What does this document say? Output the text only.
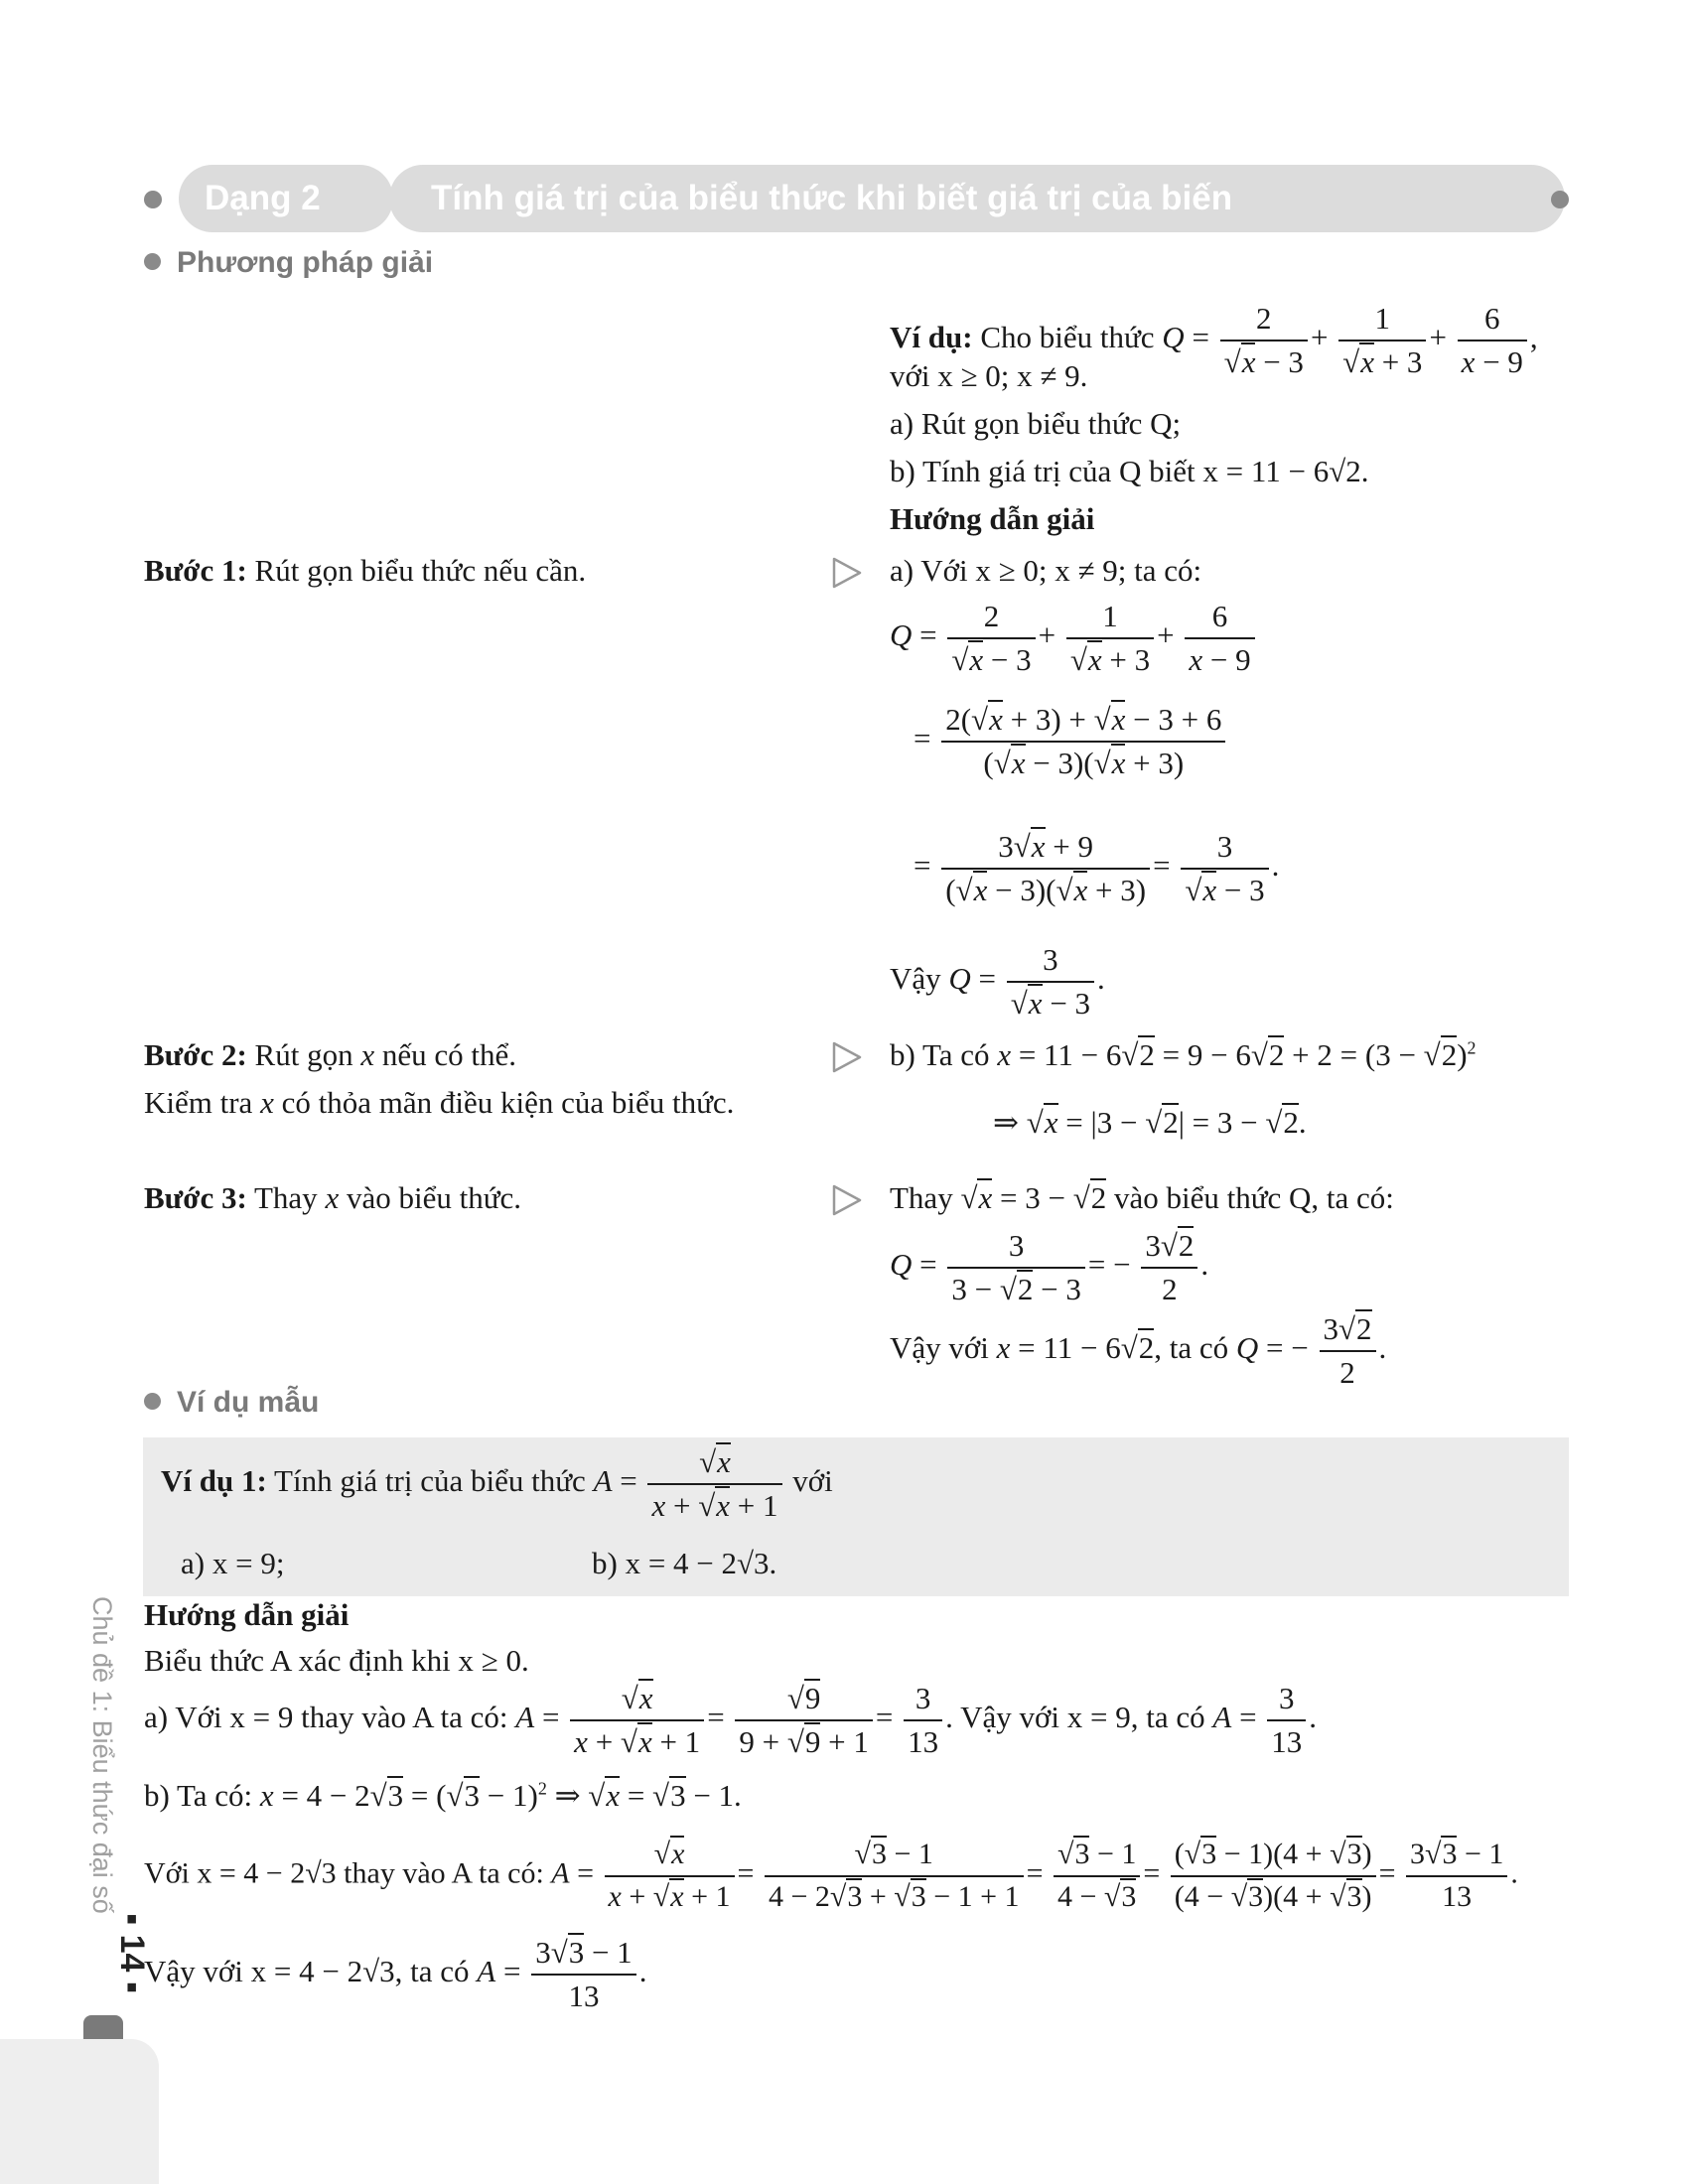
Dạng 2	Tính giá trị của biểu thức khi biết giá trị của biến
Phương pháp giải
Ví dụ: Cho biểu thức $Q = \frac{2}{√x - 3} + \frac{1}{√x + 3} + \frac{6}{x - 9}$ ,
với x ≥ 0; x ≠ 9.
a) Rút gọn biểu thức Q;
b) Tính giá trị của Q biết x = 11 − 6√2.
Hướng dẫn giải
Bước 1: Rút gọn biểu thức nếu cần.	a) Với x ≥ 0; x ≠ 9; ta có:
$Q = \frac{2}{√x - 3} + \frac{1}{√x + 3} + \frac{6}{x - 9}$
= $\frac{2(√x + 3) + √x - 3 + 6}{(√x - 3)(√x + 3)}$
= $\frac{3√x + 9}{(√x - 3)(√x + 3)} = \frac{3}{√x - 3}$ .
Vậy $Q = \frac{3}{√x - 3}$ .
Bước 2: Rút gọn x nếu có thể.
Kiểm tra x có thỏa mãn điều kiện của biểu thức.
b) Ta có $x = 11 - 6√2 = 9 - 6√2 + 2 = (3 - √2)^2$
⇒ √x = |3 − √2| = 3 − √2.
Bước 3: Thay x vào biểu thức.	Thay √x = 3 − √2 vào biểu thức Q, ta có:
$Q = \frac{3}{3 - √2 - 3}$ = − $\frac{3√2}{2}$ .
Vậy với x = 11 − 6√2, ta có Q = − $\frac{3√2}{2}$ .
Ví dụ mẫu
Ví dụ 1: Tính giá trị của biểu thức $A = \frac{√x}{x + √x + 1}$ với
a) x = 9;	b) x = 4 − 2√3.
Hướng dẫn giải
Biểu thức A xác định khi x ≥ 0.
a) Với x = 9 thay vào A ta có: $A = \frac{√x}{x + √x + 1} = \frac{√9}{9 + √9 + 1} = \frac{3}{13}$ . Vậy với x = 9, ta có $A = \frac{3}{13}$ .
b) Ta có: $x = 4 - 2√3 = (√3 - 1)^2$ ⇒ √x = √3 − 1.
Với x = 4 − 2√3 thay vào A ta có: $A = \frac{√x}{x + √x + 1} = \frac{√3 - 1}{4 - 2√3 + √3 - 1 + 1} = \frac{√3 - 1}{4 - √3} = \frac{(√3 - 1)(4 + √3)}{(4 - √3)(4 + √3)} = \frac{3√3 - 1}{13}$ .
Vậy với x = 4 − 2√3, ta có $A = \frac{3√3 - 1}{13}$ .
Chủ đề 1: Biểu thức đại số
▪ 14 ▪
